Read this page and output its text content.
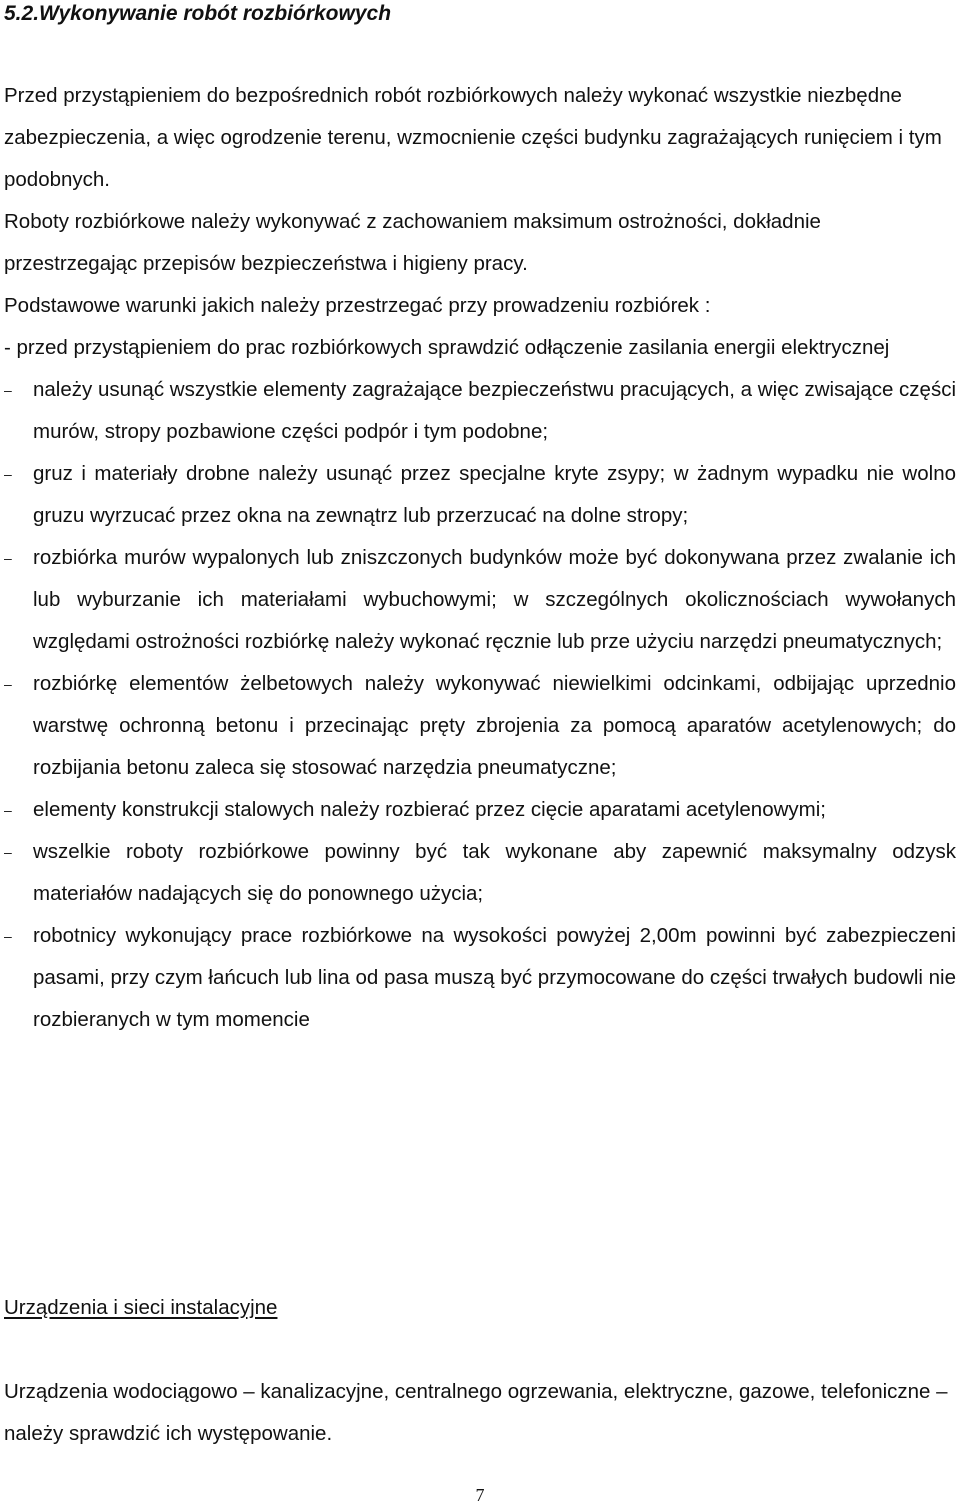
5.2.Wykonywanie robót rozbiórkowych

Przed przystąpieniem do bezpośrednich robót rozbiórkowych należy wykonać wszystkie niezbędne zabezpieczenia, a więc ogrodzenie terenu, wzmocnienie części budynku zagrażających runięciem i tym podobnych.

Roboty rozbiórkowe należy wykonywać z zachowaniem maksimum ostrożności, dokładnie przestrzegając przepisów bezpieczeństwa i higieny pracy.

Podstawowe warunki jakich należy przestrzegać przy prowadzeniu rozbiórek :

- przed przystąpieniem do prac rozbiórkowych sprawdzić odłączenie zasilania energii elektrycznej

– należy usunąć wszystkie elementy zagrażające bezpieczeństwu pracujących, a więc zwisające części murów, stropy pozbawione części podpór i tym podobne;
– gruz i materiały drobne należy usunąć przez specjalne kryte zsypy; w żadnym wypadku nie wolno gruzu wyrzucać przez okna na zewnątrz lub przerzucać na dolne stropy;
– rozbiórka murów wypalonych lub zniszczonych budynków może być dokonywana przez zwalanie ich lub wyburzanie ich materiałami wybuchowymi; w szczególnych okolicznościach wywołanych względami ostrożności rozbiórkę należy wykonać ręcznie lub prze użyciu narzędzi pneumatycznych;
– rozbiórkę elementów żelbetowych należy wykonywać niewielkimi odcinkami, odbijając uprzednio warstwę ochronną betonu i przecinając pręty zbrojenia za pomocą aparatów acetylenowych; do rozbijania betonu zaleca się stosować narzędzia pneumatyczne;
– elementy konstrukcji stalowych należy rozbierać przez cięcie aparatami acetylenowymi;
– wszelkie roboty rozbiórkowe powinny być tak wykonane aby zapewnić maksymalny odzysk materiałów nadających się do ponownego użycia;
– robotnicy wykonujący prace rozbiórkowe na wysokości powyżej 2,00m powinni być zabezpieczeni pasami, przy czym łańcuch lub lina od pasa muszą być przymocowane do części trwałych budowli nie rozbieranych w tym momencie
Urządzenia i sieci instalacyjne

Urządzenia wodociągowo – kanalizacyjne, centralnego ogrzewania, elektryczne, gazowe, telefoniczne – należy sprawdzić ich występowanie.

7
